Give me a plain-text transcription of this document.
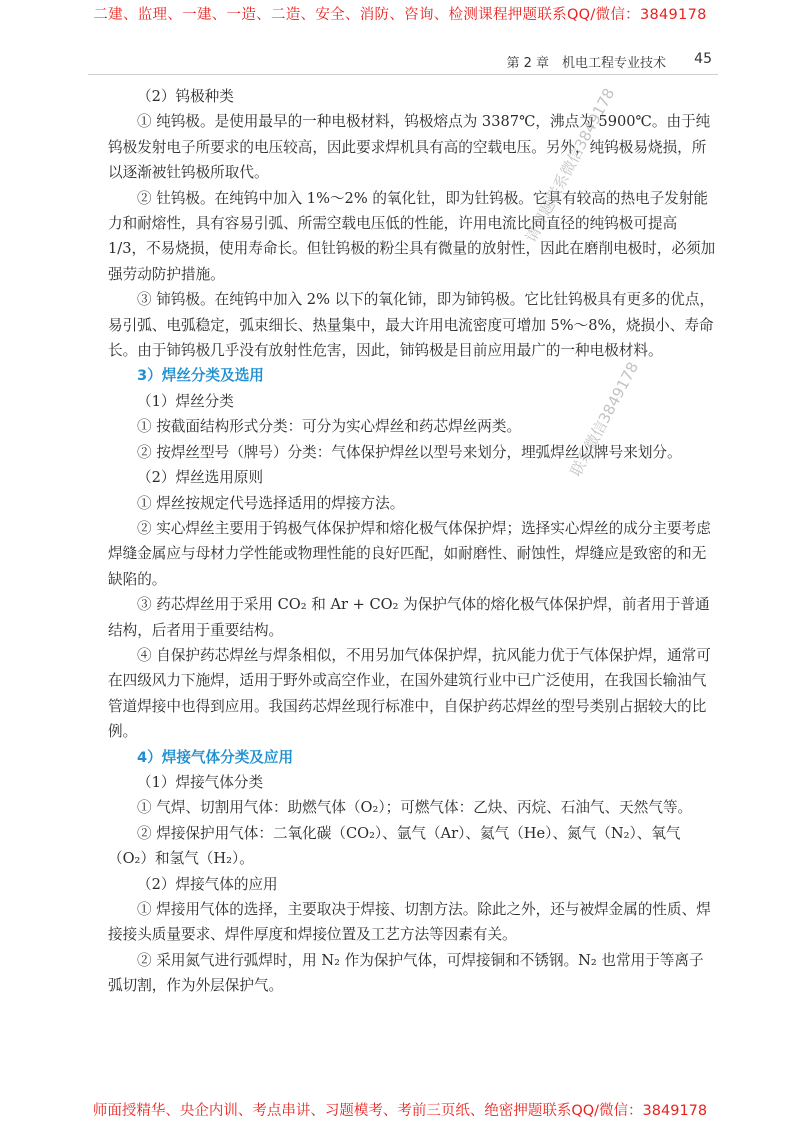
二建、监理、一建、一造、二造、安全、消防、咨询、检测课程押题联系QQ/微信：3849178
第 2 章　机电工程专业技术 45

（2）钨极种类

① 纯钨极。是使用最早的一种电极材料，钨极熔点为 3387℃，沸点为 5900℃。由于纯钨极发射电子所要求的电压较高，因此要求焊机具有高的空载电压。另外，纯钨极易烧损，所以逐渐被钍钨极所取代。

② 钍钨极。在纯钨中加入 1%～2% 的氧化钍，即为钍钨极。它具有较高的热电子发射能力和耐熔性，具有容易引弧、所需空载电压低的性能，许用电流比同直径的纯钨极可提高 1/3，不易烧损，使用寿命长。但钍钨极的粉尘具有微量的放射性，因此在磨削电极时，必须加强劳动防护措施。

③ 铈钨极。在纯钨中加入 2% 以下的氧化铈，即为铈钨极。它比钍钨极具有更多的优点，易引弧、电弧稳定，弧束细长、热量集中，最大许用电流密度可增加 5%～8%，烧损小、寿命长。由于铈钨极几乎没有放射性危害，因此，铈钨极是目前应用最广的一种电极材料。

3）焊丝分类及选用

（1）焊丝分类

① 按截面结构形式分类：可分为实心焊丝和药芯焊丝两类。

② 按焊丝型号（牌号）分类：气体保护焊丝以型号来划分，埋弧焊丝以牌号来划分。

（2）焊丝选用原则

① 焊丝按规定代号选择适用的焊接方法。

② 实心焊丝主要用于钨极气体保护焊和熔化极气体保护焊；选择实心焊丝的成分主要考虑焊缝金属应与母材力学性能或物理性能的良好匹配，如耐磨性、耐蚀性，焊缝应是致密的和无缺陷的。

③ 药芯焊丝用于采用 CO₂ 和 Ar + CO₂ 为保护气体的熔化极气体保护焊，前者用于普通结构，后者用于重要结构。

④ 自保护药芯焊丝与焊条相似，不用另加气体保护焊，抗风能力优于气体保护焊，通常可在四级风力下施焊，适用于野外或高空作业，在国外建筑行业中已广泛使用，在我国长输油气管道焊接中也得到应用。我国药芯焊丝现行标准中，自保护药芯焊丝的型号类别占据较大的比例。

4）焊接气体分类及应用

（1）焊接气体分类

① 气焊、切割用气体：助燃气体（O₂）；可燃气体：乙炔、丙烷、石油气、天然气等。

② 焊接保护用气体：二氧化碳（CO₂）、氩气（Ar）、氦气（He）、氮气（N₂）、氧气（O₂）和氢气（H₂）。

（2）焊接气体的应用

① 焊接用气体的选择，主要取决于焊接、切割方法。除此之外，还与被焊金属的性质、焊接接头质量要求、焊件厚度和焊接位置及工艺方法等因素有关。

② 采用氮气进行弧焊时，用 N₂ 作为保护气体，可焊接铜和不锈钢。N₂ 也常用于等离子弧切割，作为外层保护气。

请押题联系微信3849178
联系微信3849178
师面授精华、央企内训、考点串讲、习题模考、考前三页纸、绝密押题联系QQ/微信：3849178
